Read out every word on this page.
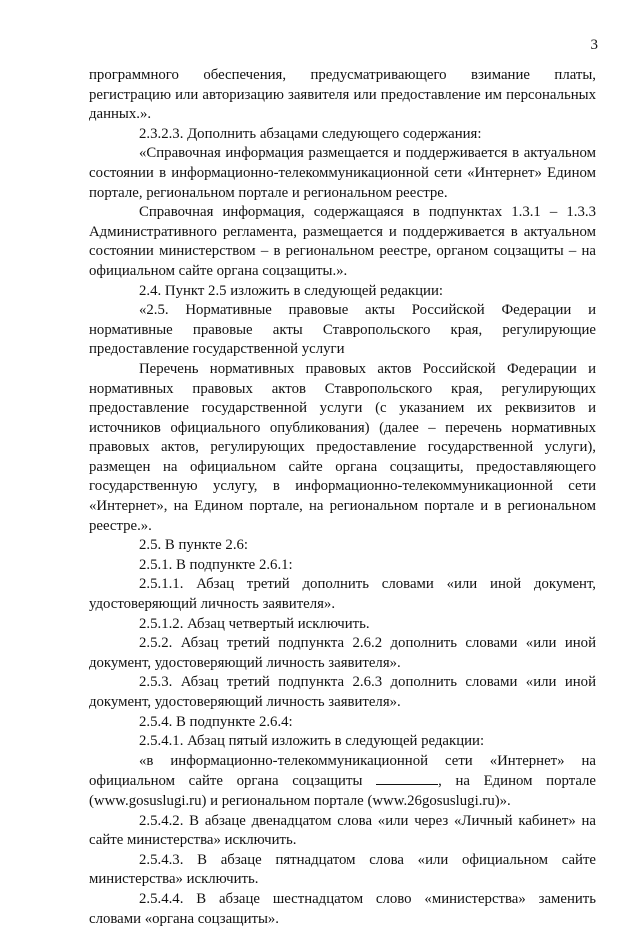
3

программного обеспечения, предусматривающего взимание платы, регистрацию или авторизацию заявителя или предоставление им персональных данных.».

2.3.2.3. Дополнить абзацами следующего содержания:

«Справочная информация размещается и поддерживается в актуальном состоянии в информационно-телекоммуникационной сети «Интернет» Едином портале, региональном портале и региональном реестре.

Справочная информация, содержащаяся в подпунктах 1.3.1 – 1.3.3 Административного регламента, размещается и поддерживается в актуальном состоянии министерством – в региональном реестре, органом соцзащиты – на официальном сайте органа соцзащиты.».

2.4. Пункт 2.5 изложить в следующей редакции:

«2.5. Нормативные правовые акты Российской Федерации и нормативные правовые акты Ставропольского края, регулирующие предоставление государственной услуги

Перечень нормативных правовых актов Российской Федерации и нормативных правовых актов Ставропольского края, регулирующих предоставление государственной услуги (с указанием их реквизитов и источников официального опубликования) (далее – перечень нормативных правовых актов, регулирующих предоставление государственной услуги), размещен на официальном сайте органа соцзащиты, предоставляющего государственную услугу, в информационно-телекоммуникационной сети «Интернет», на Едином портале, на региональном портале и в региональном реестре.».

2.5. В пункте 2.6:

2.5.1. В подпункте 2.6.1:

2.5.1.1. Абзац третий дополнить словами «или иной документ, удостоверяющий личность заявителя».

2.5.1.2. Абзац четвертый исключить.

2.5.2. Абзац третий подпункта 2.6.2 дополнить словами «или иной документ, удостоверяющий личность заявителя».

2.5.3. Абзац третий подпункта 2.6.3 дополнить словами «или иной документ, удостоверяющий личность заявителя».

2.5.4. В подпункте 2.6.4:

2.5.4.1. Абзац пятый изложить в следующей редакции:

«в информационно-телекоммуникационной сети «Интернет» на официальном сайте органа соцзащиты	, на Едином портале (www.gosuslugi.ru) и региональном портале (www.26gosuslugi.ru)».

2.5.4.2. В абзаце двенадцатом слова «или через «Личный кабинет» на сайте министерства» исключить.

2.5.4.3. В абзаце пятнадцатом слова «или официальном сайте министерства» исключить.

2.5.4.4. В абзаце шестнадцатом слово «министерства» заменить словами «органа соцзащиты».
